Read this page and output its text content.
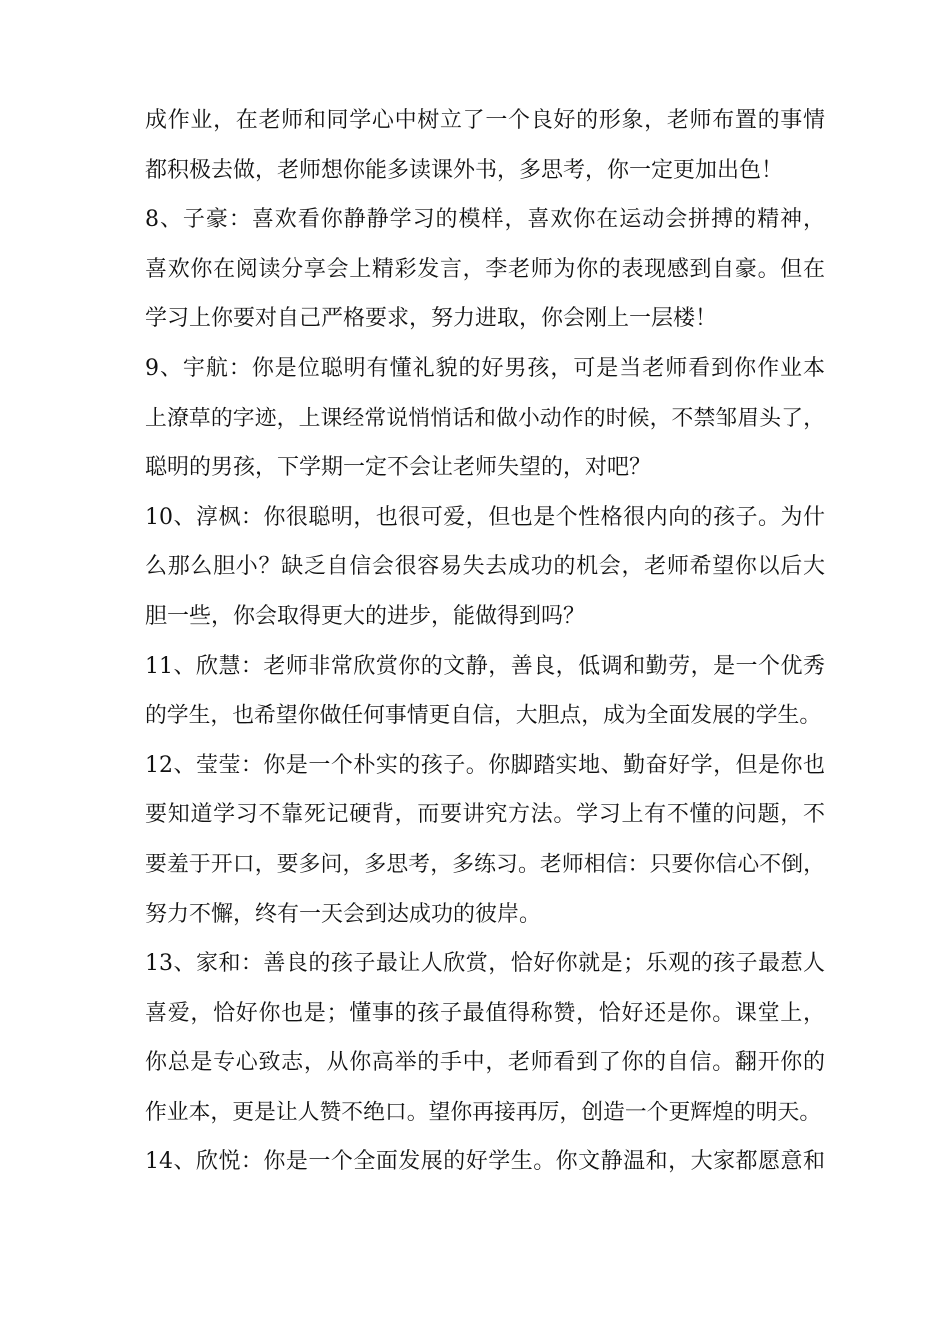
成作业，在老师和同学心中树立了一个良好的形象，老师布置的事情
都积极去做，老师想你能多读课外书，多思考，你一定更加出色！
8、子豪：喜欢看你静静学习的模样，喜欢你在运动会拼搏的精神，
喜欢你在阅读分享会上精彩发言，李老师为你的表现感到自豪。但在
学习上你要对自己严格要求，努力进取，你会刚上一层楼！
9、宇航：你是位聪明有懂礼貌的好男孩，可是当老师看到你作业本
上潦草的字迹，上课经常说悄悄话和做小动作的时候，不禁邹眉头了，
聪明的男孩，下学期一定不会让老师失望的，对吧？
10、淳枫：你很聪明，也很可爱，但也是个性格很内向的孩子。为什
么那么胆小？缺乏自信会很容易失去成功的机会，老师希望你以后大
胆一些，你会取得更大的进步，能做得到吗？
11、欣慧：老师非常欣赏你的文静，善良，低调和勤劳，是一个优秀
的学生，也希望你做任何事情更自信，大胆点，成为全面发展的学生。
12、莹莹：你是一个朴实的孩子。你脚踏实地、勤奋好学，但是你也
要知道学习不靠死记硬背，而要讲究方法。学习上有不懂的问题，不
要羞于开口，要多问，多思考，多练习。老师相信：只要你信心不倒，
努力不懈，终有一天会到达成功的彼岸。
13、家和：善良的孩子最让人欣赏，恰好你就是；乐观的孩子最惹人
喜爱，恰好你也是；懂事的孩子最值得称赞，恰好还是你。课堂上，
你总是专心致志，从你高举的手中，老师看到了你的自信。翻开你的
作业本，更是让人赞不绝口。望你再接再厉，创造一个更辉煌的明天。
14、欣悦：你是一个全面发展的好学生。你文静温和，大家都愿意和
